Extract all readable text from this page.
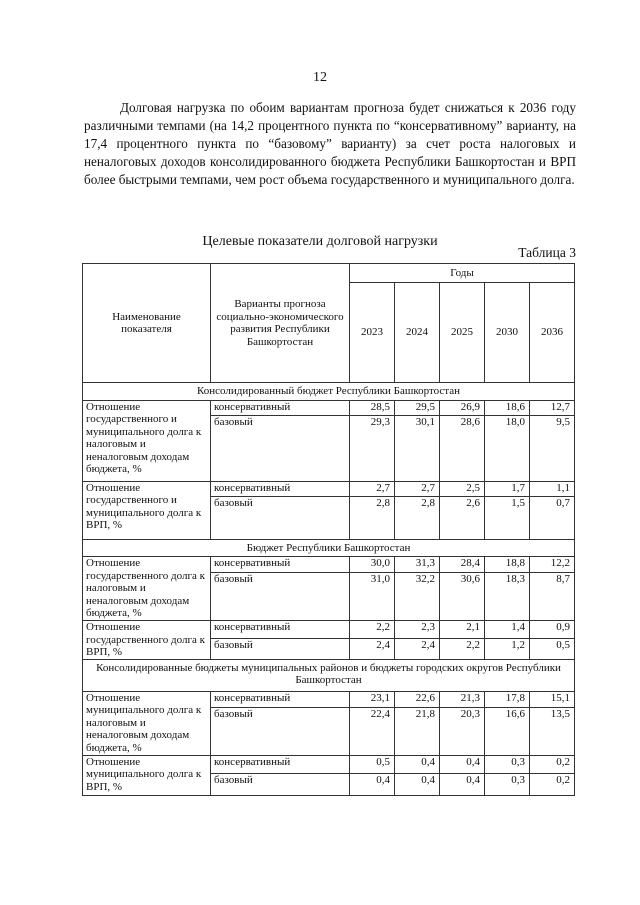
12

Долговая нагрузка по обоим вариантам прогноза будет снижаться к 2036 году различными темпами (на 14,2 процентного пункта по “консервативному” варианту, на 17,4 процентного пункта по “базовому” варианту) за счет роста налоговых и неналоговых доходов консолидированного бюджета Республики Башкортостан и ВРП более быстрыми темпами, чем рост объема государственного и муниципального долга.

Таблица 3
Целевые показатели долговой нагрузки
Наименование показателя	Варианты прогноза социально-экономического развития Республики Башкортостан	Годы				
		2023	2024	2025	2030	2036
Консолидированный бюджет Республики Башкортостан						
Отношение государственного и муниципального долга к налоговым и неналоговым доходам бюджета, %	консервативный	28,5	29,5	26,9	18,6	12,7
	базовый	29,3	30,1	28,6	18,0	9,5
Отношение государственного и муниципального долга к ВРП, %	консервативный	2,7	2,7	2,5	1,7	1,1
	базовый	2,8	2,8	2,6	1,5	0,7
Бюджет Республики Башкортостан						
Отношение государственного долга к налоговым и неналоговым доходам бюджета, %	консервативный	30,0	31,3	28,4	18,8	12,2
	базовый	31,0	32,2	30,6	18,3	8,7
Отношение государственного долга к ВРП, %	консервативный	2,2	2,3	2,1	1,4	0,9
	базовый	2,4	2,4	2,2	1,2	0,5
Консолидированные бюджеты муниципальных районов и бюджеты городских округов Республики Башкортостан						
Отношение муниципального долга к налоговым и неналоговым доходам бюджета, %	консервативный	23,1	22,6	21,3	17,8	15,1
	базовый	22,4	21,8	20,3	16,6	13,5
Отношение муниципального долга к ВРП, %	консервативный	0,5	0,4	0,4	0,3	0,2
	базовый	0,4	0,4	0,4	0,3	0,2
